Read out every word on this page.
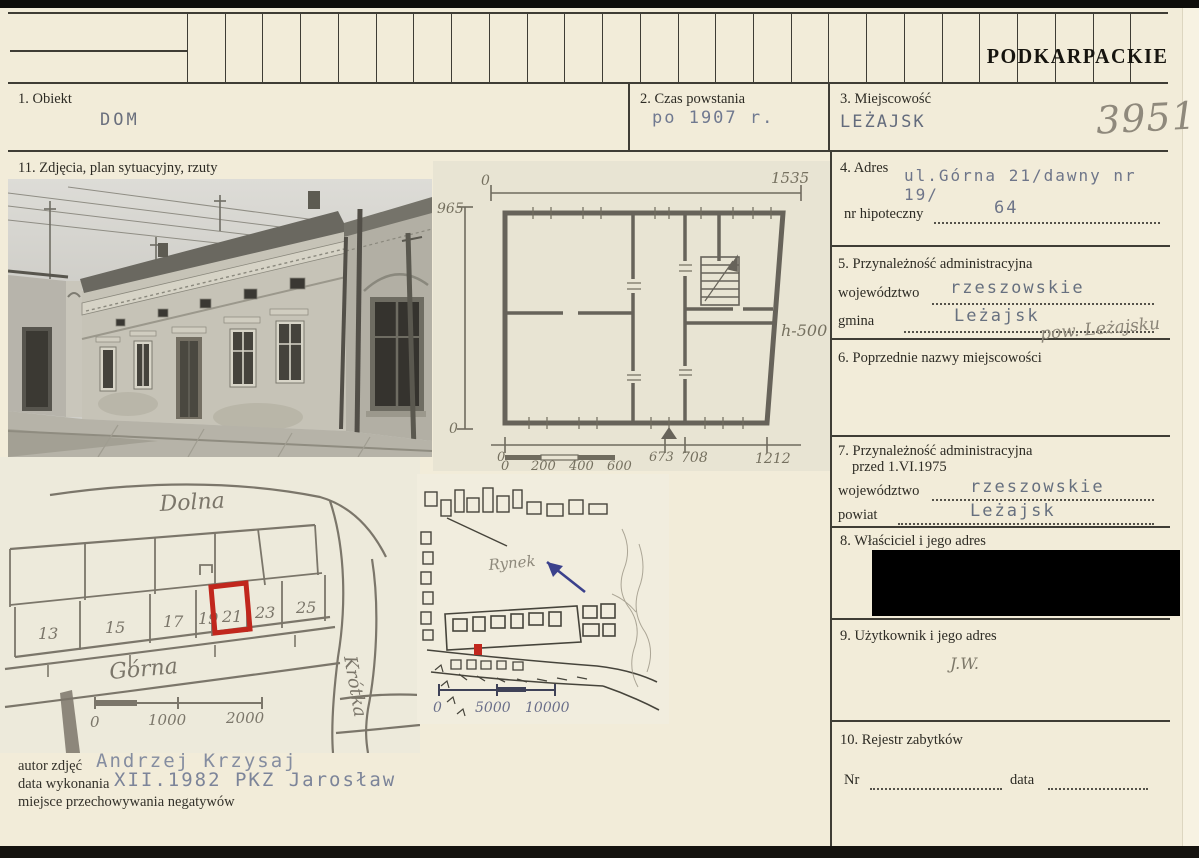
PODKARPACKIE
3951
1. Obiekt
DOM
2. Czas powstania
po 1907 r.
3. Miejscowość
LEŻAJSK
11. Zdjęcia, plan sytuacyjny, rzuty	4. Adres ul.Górna 21/dawny nr 19/
nr hipoteczny	64
5. Przynależność administracyjna
województwo rzeszowskie
gmina	Leżajsk pow. Leżajsku
6. Poprzednie nazwy miejscowości
7. Przynależność administracyjna
przed 1.VI.1975
województwo	rzeszowskie
powiat	Leżajsk
8. Właściciel i jego adres
9. Użytkownik i jego adres
J.W.
10. Rejestr zabytków
Nr	data
0	1535
965
0
0	673 708	1212
h-500
0 200 400 600
Dolna
Górna	Krótka
13	15 17 19 21 23 25
0	1000	2000
Rynek
0 5000 10000
autor zdjęć
data wykonania
miejsce przechowywania negatywów
Andrzej Krzysaj
XII.1982 PKZ Jarosław
